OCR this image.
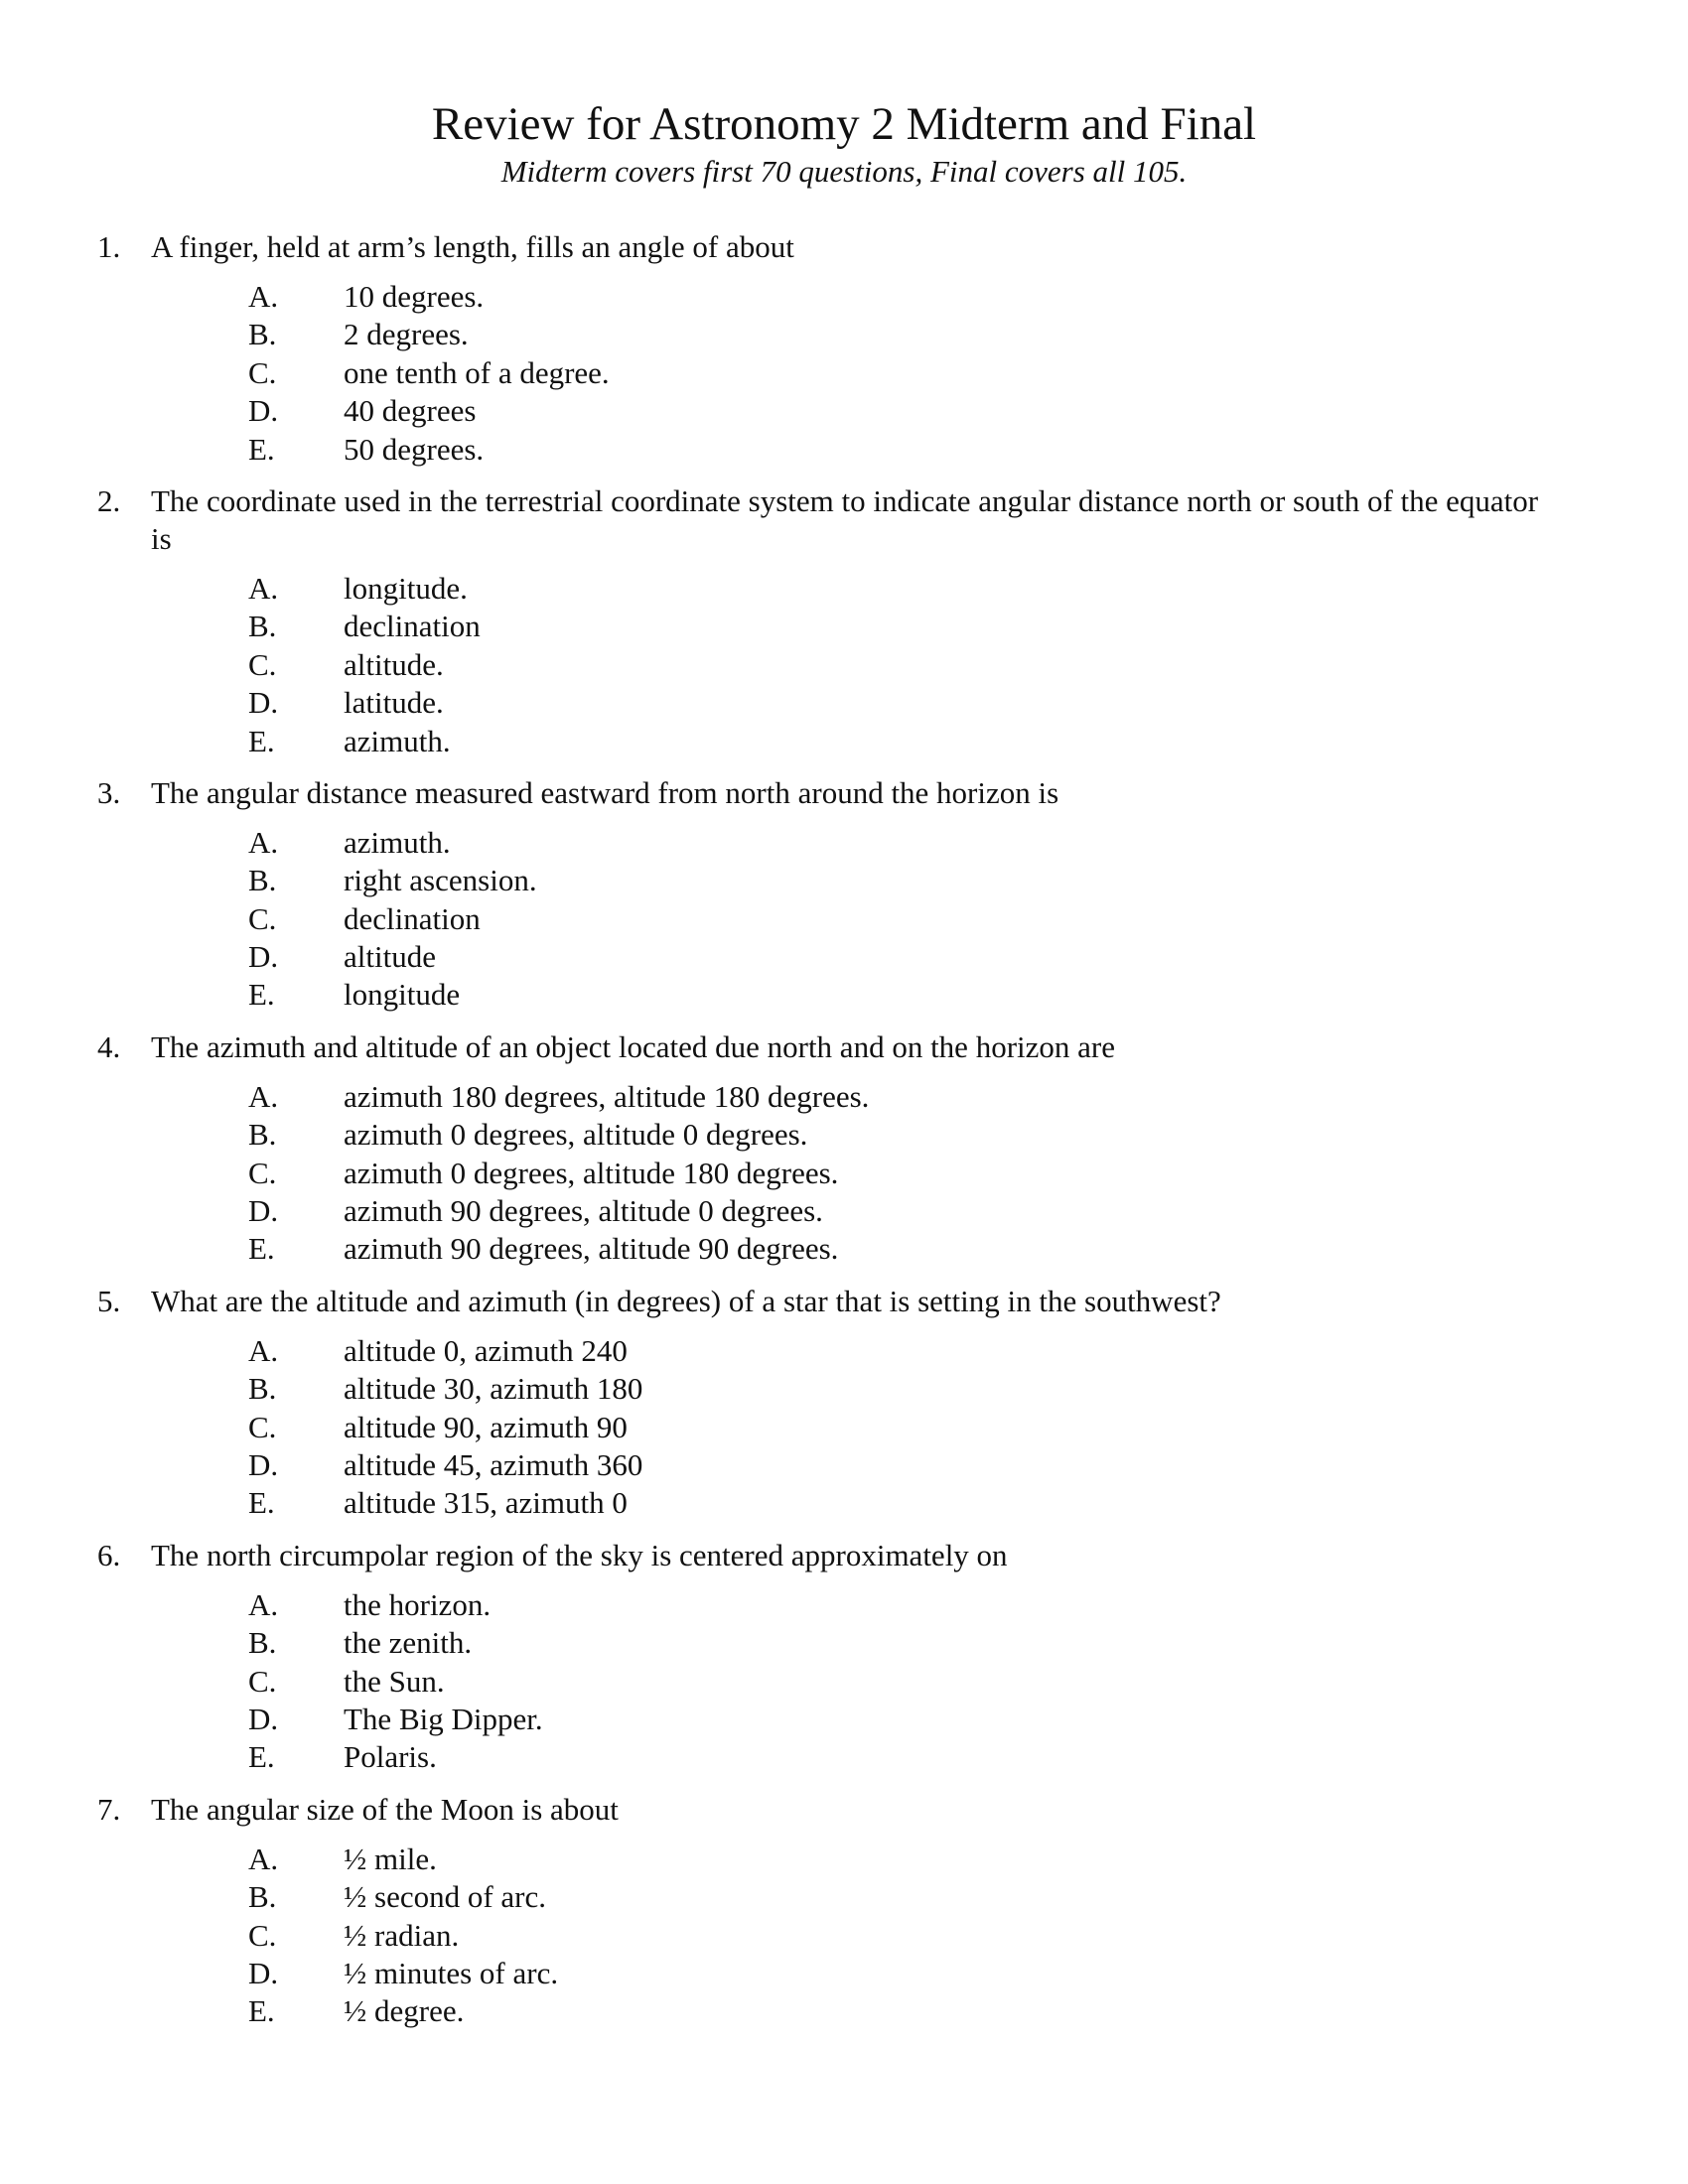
Review for Astronomy 2 Midterm and Final

Midterm covers first 70 questions, Final covers all 105.

1. A finger, held at arm’s length, fills an angle of about
A. 10 degrees.
B. 2 degrees.
C. one tenth of a degree.
D. 40 degrees
E. 50 degrees.
2. The coordinate used in the terrestrial coordinate system to indicate angular distance north or south of the equator is
A. longitude.
B. declination
C. altitude.
D. latitude.
E. azimuth.
3. The angular distance measured eastward from north around the horizon is
A. azimuth.
B. right ascension.
C. declination
D. altitude
E. longitude
4. The azimuth and altitude of an object located due north and on the horizon are
A. azimuth 180 degrees, altitude 180 degrees.
B. azimuth 0 degrees, altitude 0 degrees.
C. azimuth 0 degrees, altitude 180 degrees.
D. azimuth 90 degrees, altitude 0 degrees.
E. azimuth 90 degrees, altitude 90 degrees.
5. What are the altitude and azimuth (in degrees) of a star that is setting in the southwest?
A. altitude 0, azimuth 240
B. altitude 30, azimuth 180
C. altitude 90, azimuth 90
D. altitude 45, azimuth 360
E. altitude 315, azimuth 0
6. The north circumpolar region of the sky is centered approximately on
A. the horizon.
B. the zenith.
C. the Sun.
D. The Big Dipper.
E. Polaris.
7. The angular size of the Moon is about
A. ½ mile.
B. ½ second of arc.
C. ½ radian.
D. ½ minutes of arc.
E. ½ degree.
